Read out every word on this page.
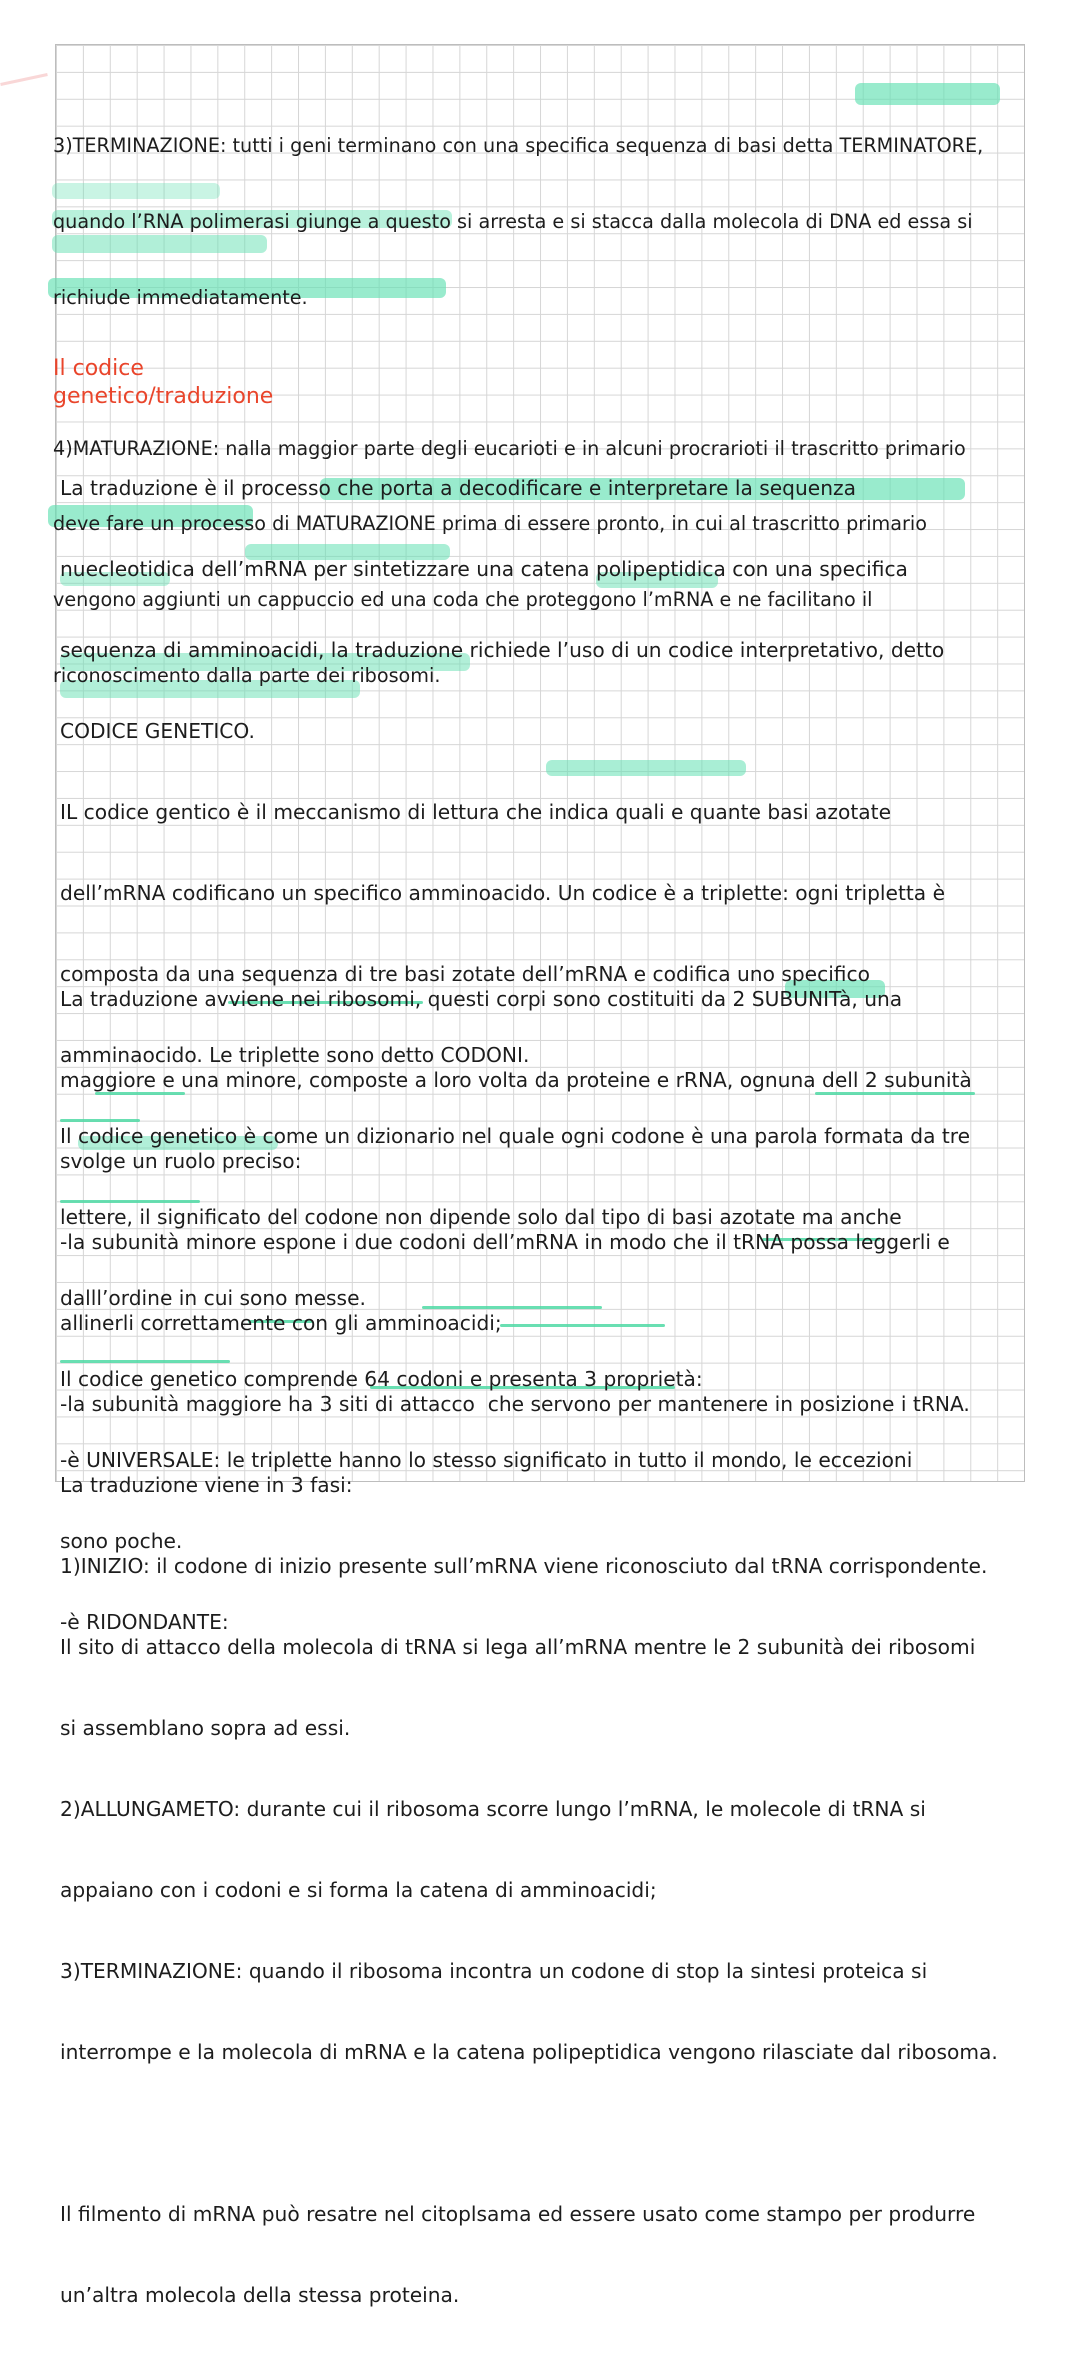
3)TERMINAZIONE: tutti i geni terminano con una specifica sequenza di basi detta TERMINATORE,

quando l’RNA polimerasi giunge a questo si arresta e si stacca dalla molecola di DNA ed essa si

richiude immediatamente.

4)MATURAZIONE: nalla maggior parte degli eucarioti e in alcuni procrarioti il trascritto primario

deve fare un processo di MATURAZIONE prima di essere pronto, in cui al trascritto primario

vengono aggiunti un cappuccio ed una coda che proteggono l’mRNA e ne facilitano il

riconoscimento dalla parte dei ribosomi.

Il codice genetico/traduzione

La traduzione è il processo che porta a decodificare e interpretare la sequenza

nuecleotidica dell’mRNA per sintetizzare una catena polipeptidica con una specifica

sequenza di amminoacidi, la traduzione richiede l’uso di un codice interpretativo, detto

CODICE GENETICO.

IL codice gentico è il meccanismo di lettura che indica quali e quante basi azotate

dell’mRNA codificano un specifico amminoacido. Un codice è a triplette: ogni tripletta è

composta da una sequenza di tre basi zotate dell’mRNA e codifica uno specifico

amminaocido. Le triplette sono detto CODONI.

Il codice genetico è come un dizionario nel quale ogni codone è una parola formata da tre

lettere, il significato del codone non dipende solo dal tipo di basi azotate ma anche

dalll’ordine in cui sono messe.

Il codice genetico comprende 64 codoni e presenta 3 proprietà:

-è UNIVERSALE: le triplette hanno lo stesso significato in tutto il mondo, le eccezioni

sono poche.

-è RIDONDANTE:

La traduzione avviene nei ribosomi, questi corpi sono costituiti da 2 SUBUNITà, una

maggiore e una minore, composte a loro volta da proteine e rRNA, ognuna dell 2 subunità

svolge un ruolo preciso:

-la subunità minore espone i due codoni dell’mRNA in modo che il tRNA possa leggerli e

allinerli correttamente con gli amminoacidi;

-la subunità maggiore ha 3 siti di attacco  che servono per mantenere in posizione i tRNA.

La traduzione viene in 3 fasi:

1)INIZIO: il codone di inizio presente sull’mRNA viene riconosciuto dal tRNA corrispondente.

Il sito di attacco della molecola di tRNA si lega all’mRNA mentre le 2 subunità dei ribosomi

si assemblano sopra ad essi.

2)ALLUNGAMETO: durante cui il ribosoma scorre lungo l’mRNA, le molecole di tRNA si

appaiano con i codoni e si forma la catena di amminoacidi;

3)TERMINAZIONE: quando il ribosoma incontra un codone di stop la sintesi proteica si

interrompe e la molecola di mRNA e la catena polipeptidica vengono rilasciate dal ribosoma.

Il filmento di mRNA può resatre nel citoplsama ed essere usato come stampo per produrre

un’altra molecola della stessa proteina.
